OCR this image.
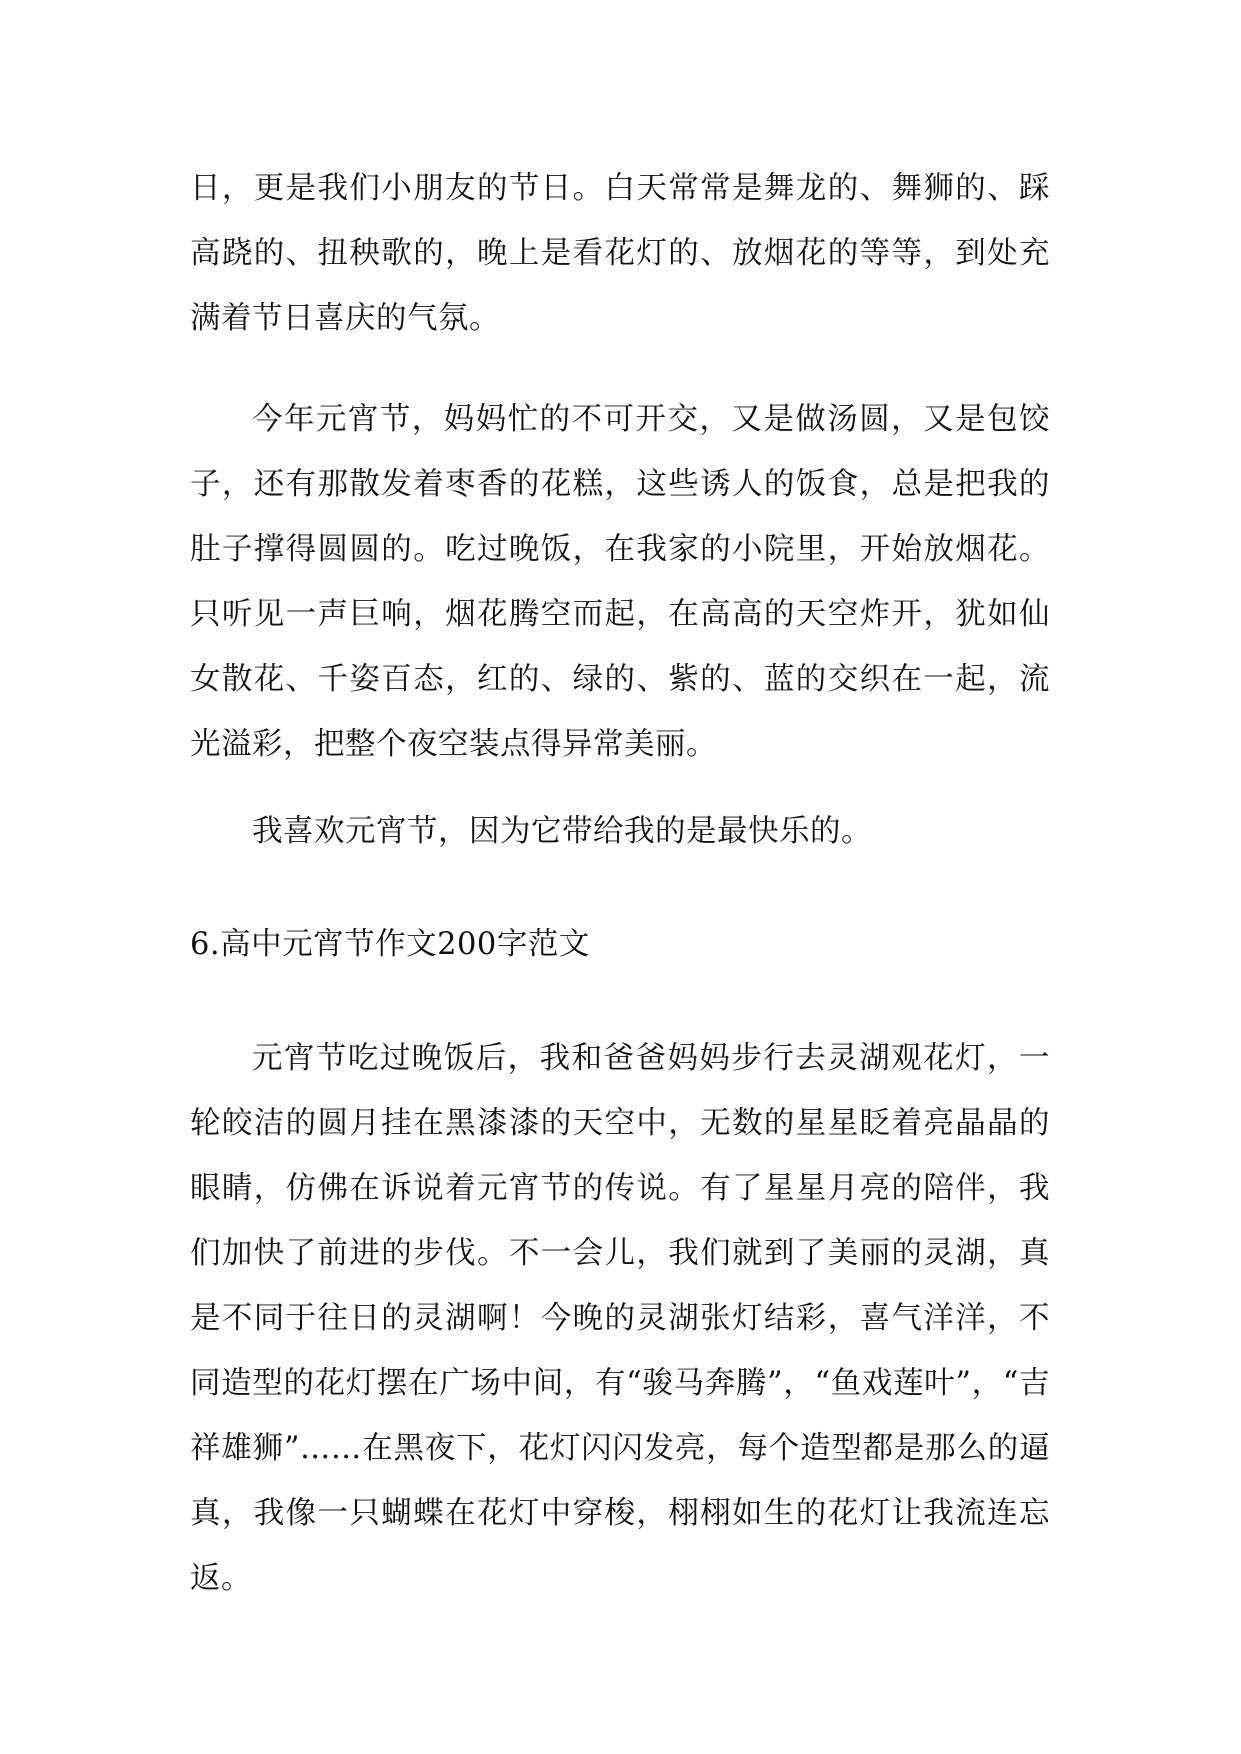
日，更是我们小朋友的节日。白天常常是舞龙的、舞狮的、踩高跷的、扭秧歌的，晚上是看花灯的、放烟花的等等，到处充满着节日喜庆的气氛。

今年元宵节，妈妈忙的不可开交，又是做汤圆，又是包饺子，还有那散发着枣香的花糕，这些诱人的饭食，总是把我的肚子撑得圆圆的。吃过晚饭，在我家的小院里，开始放烟花。只听见一声巨响，烟花腾空而起，在高高的天空炸开，犹如仙女散花、千姿百态，红的、绿的、紫的、蓝的交织在一起，流光溢彩，把整个夜空装点得异常美丽。

我喜欢元宵节，因为它带给我的是最快乐的。

6.高中元宵节作文200字范文

元宵节吃过晚饭后，我和爸爸妈妈步行去灵湖观花灯，一轮皎洁的圆月挂在黑漆漆的天空中，无数的星星眨着亮晶晶的眼睛，仿佛在诉说着元宵节的传说。有了星星月亮的陪伴，我们加快了前进的步伐。不一会儿，我们就到了美丽的灵湖，真是不同于往日的灵湖啊！今晚的灵湖张灯结彩，喜气洋洋，不同造型的花灯摆在广场中间，有“骏马奔腾”，“鱼戏莲叶”，“吉祥雄狮”……在黑夜下，花灯闪闪发亮，每个造型都是那么的逼真，我像一只蝴蝶在花灯中穿梭，栩栩如生的花灯让我流连忘返。
